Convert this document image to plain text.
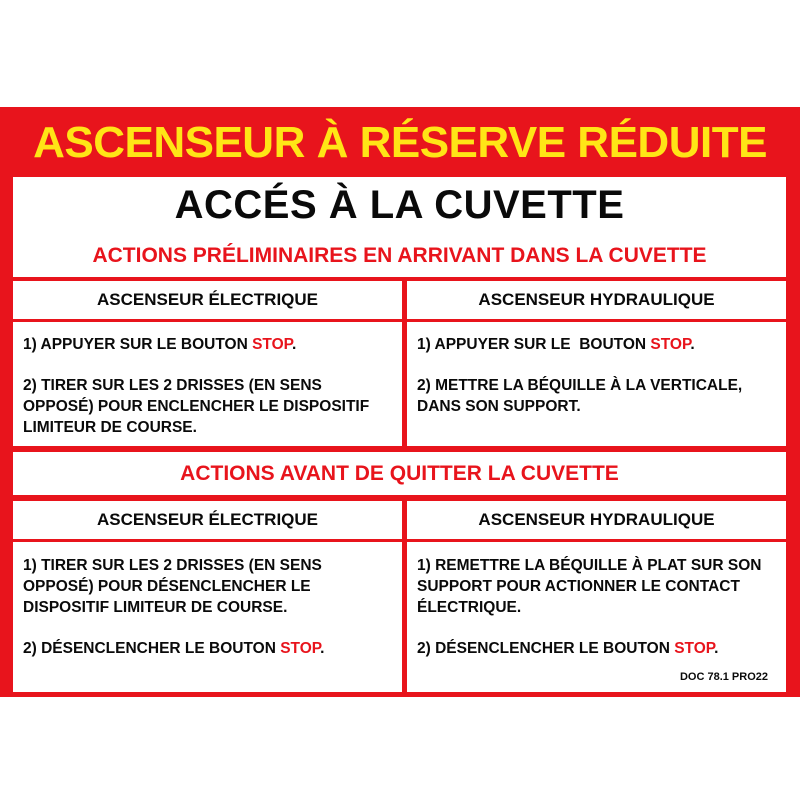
ASCENSEUR À RÉSERVE RÉDUITE
ACCÉS À LA CUVETTE
ACTIONS PRÉLIMINAIRES EN ARRIVANT DANS LA CUVETTE
ASCENSEUR ÉLECTRIQUE	ASCENSEUR HYDRAULIQUE

1) APPUYER SUR LE BOUTON STOP.

2) TIRER SUR LES 2 DRISSES (EN SENS OPPOSÉ) POUR ENCLENCHER LE DISPOSITIF LIMITEUR DE COURSE.

1) APPUYER SUR LE  BOUTON STOP.

2) METTRE LA BÉQUILLE À LA VERTICALE, DANS SON SUPPORT.

ACTIONS AVANT DE QUITTER LA CUVETTE
ASCENSEUR ÉLECTRIQUE	ASCENSEUR HYDRAULIQUE

1) TIRER SUR LES 2 DRISSES (EN SENS OPPOSÉ) POUR DÉSENCLENCHER LE DISPOSITIF LIMITEUR DE COURSE.

2) DÉSENCLENCHER LE BOUTON STOP.

1) REMETTRE LA BÉQUILLE À PLAT SUR SON SUPPORT POUR ACTIONNER LE CONTACT ÉLECTRIQUE.

2) DÉSENCLENCHER LE BOUTON STOP.

DOC 78.1 PRO22
